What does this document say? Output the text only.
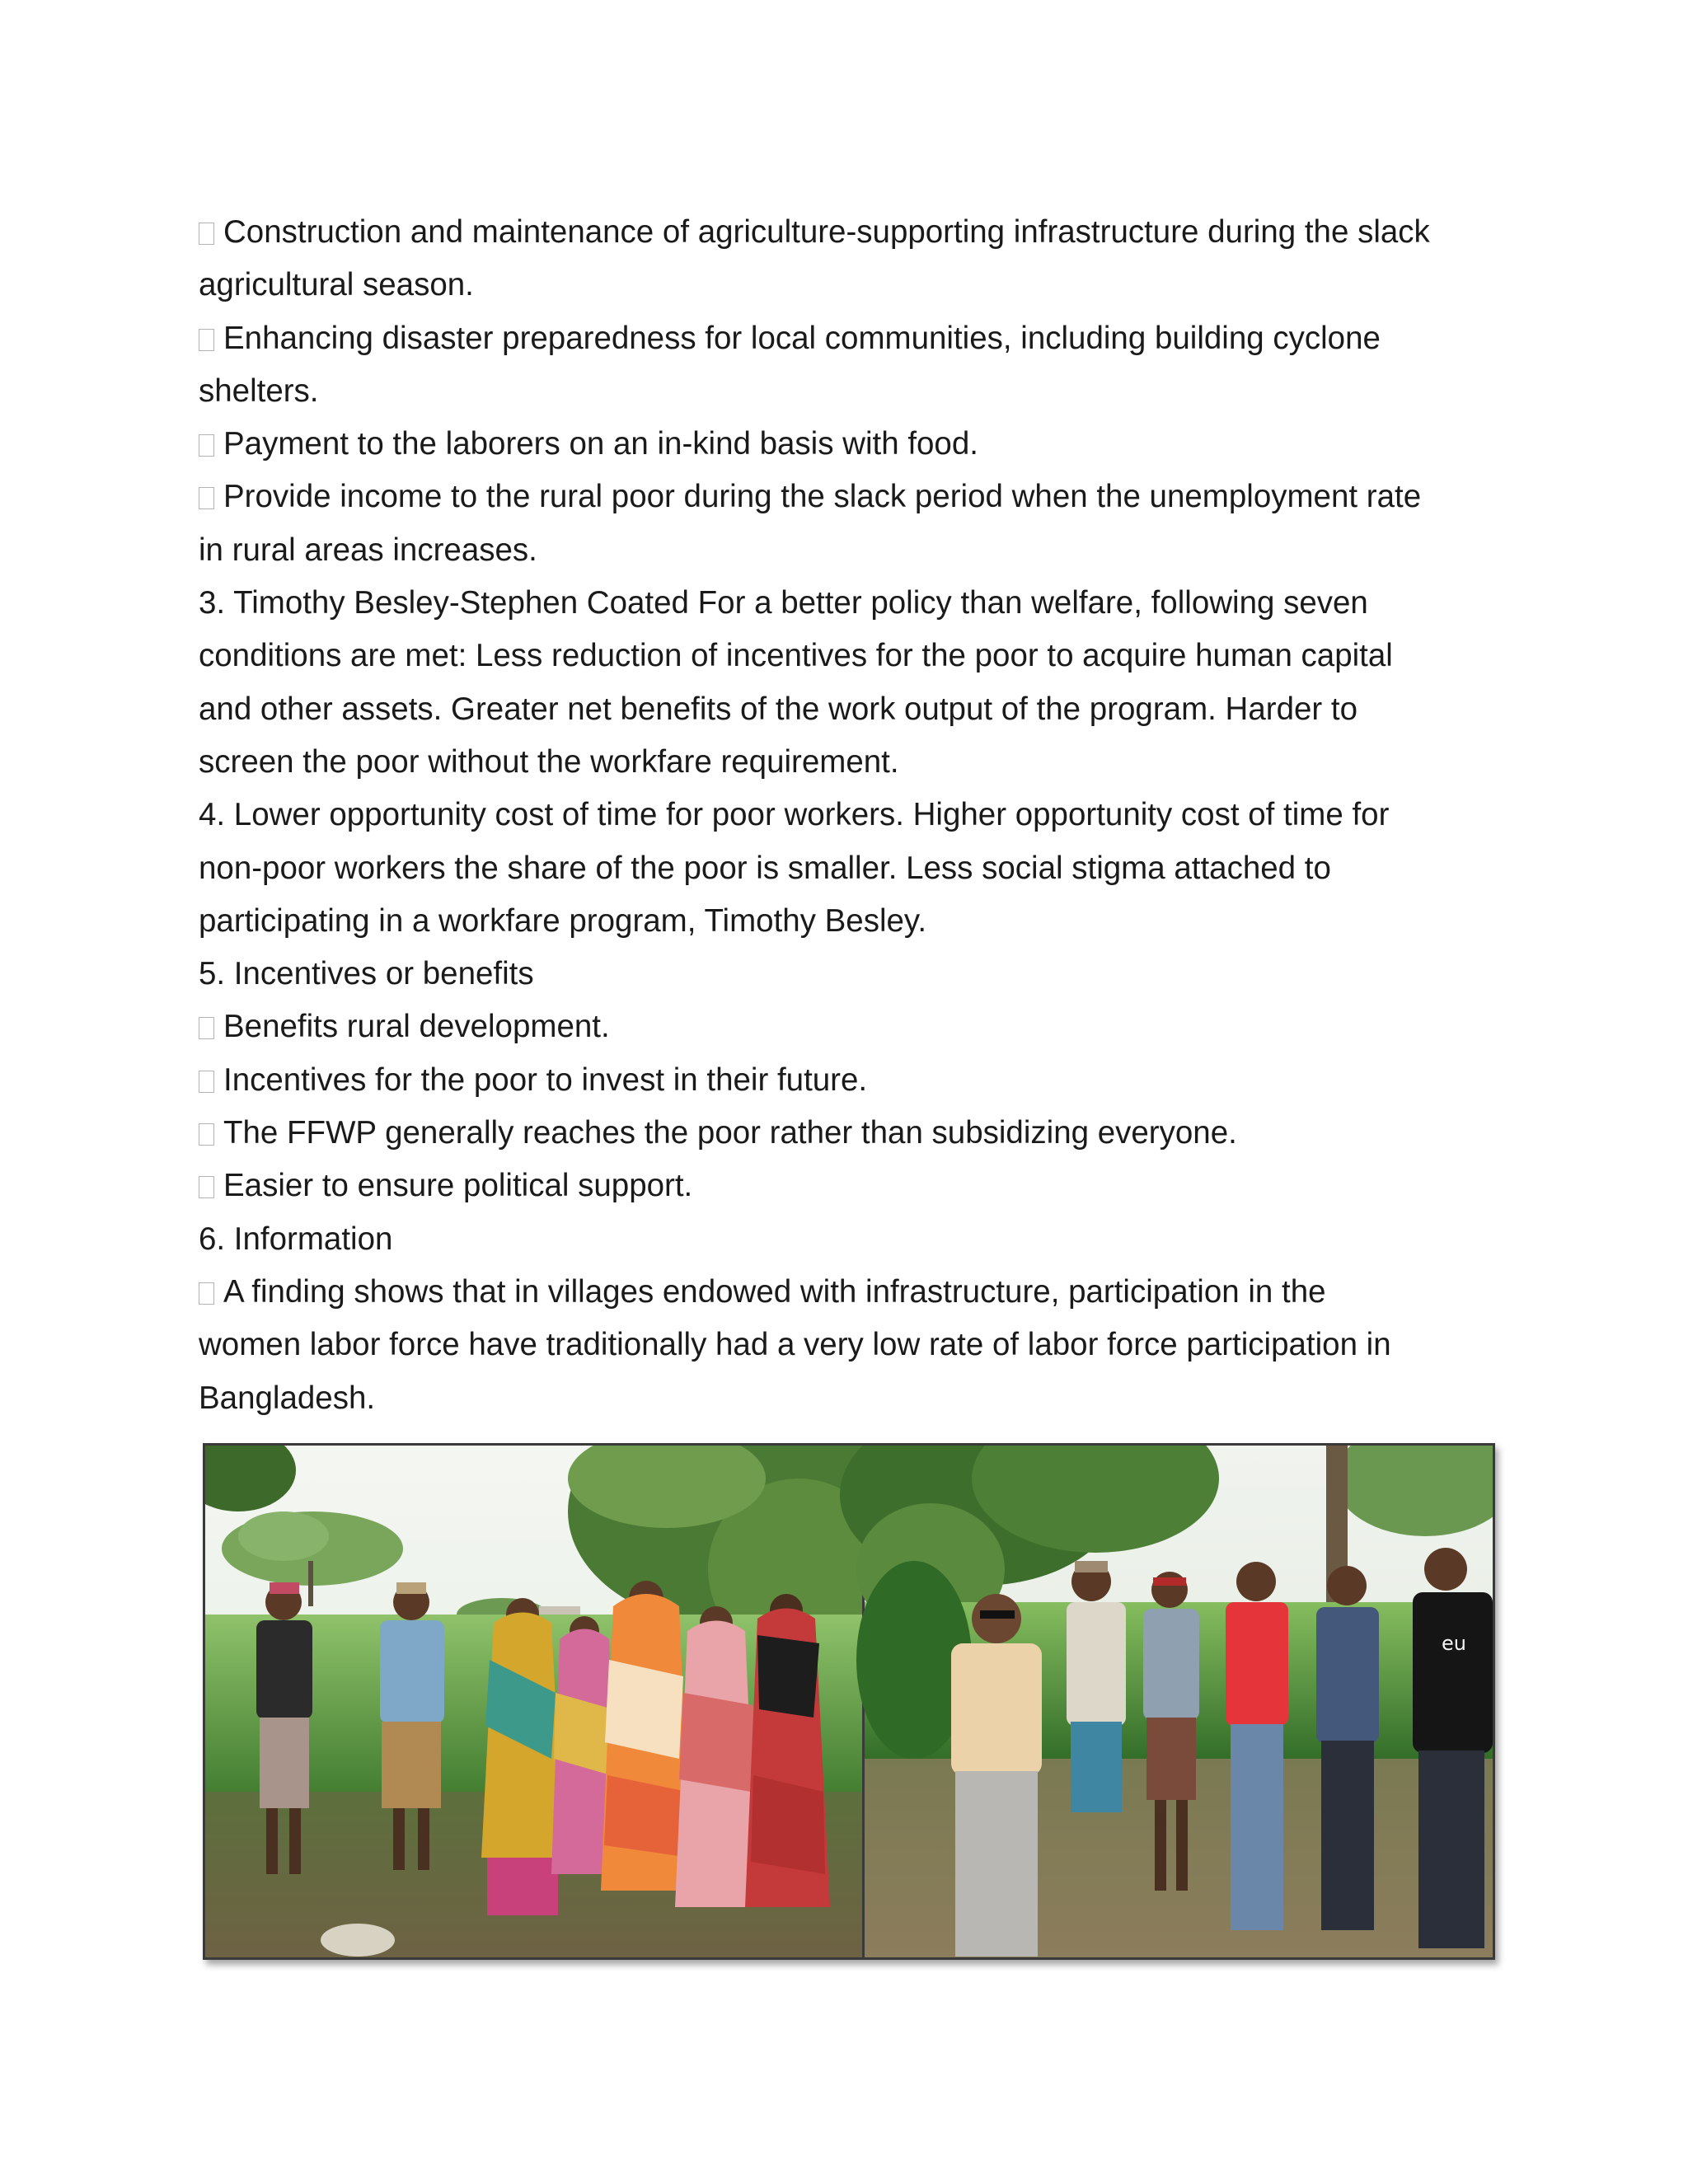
Construction and maintenance of agriculture-supporting infrastructure during the slack
agricultural season.
Enhancing disaster preparedness for local communities, including building cyclone
shelters.
Payment to the laborers on an in-kind basis with food.
Provide income to the rural poor during the slack period when the unemployment rate
in rural areas increases.
3. Timothy Besley-Stephen Coated For a better policy than welfare, following seven
conditions are met: Less reduction of incentives for the poor to acquire human capital
and other assets. Greater net benefits of the work output of the program. Harder to
screen the poor without the workfare requirement.
4. Lower opportunity cost of time for poor workers. Higher opportunity cost of time for
non-poor workers the share of the poor is smaller. Less social stigma attached to
participating in a workfare program, Timothy Besley.
5. Incentives or benefits
Benefits rural development.
Incentives for the poor to invest in their future.
The FFWP generally reaches the poor rather than subsidizing everyone.
Easier to ensure political support.
6. Information
A finding shows that in villages endowed with infrastructure, participation in the
women labor force have traditionally had a very low rate of labor force participation in
Bangladesh.
eu
